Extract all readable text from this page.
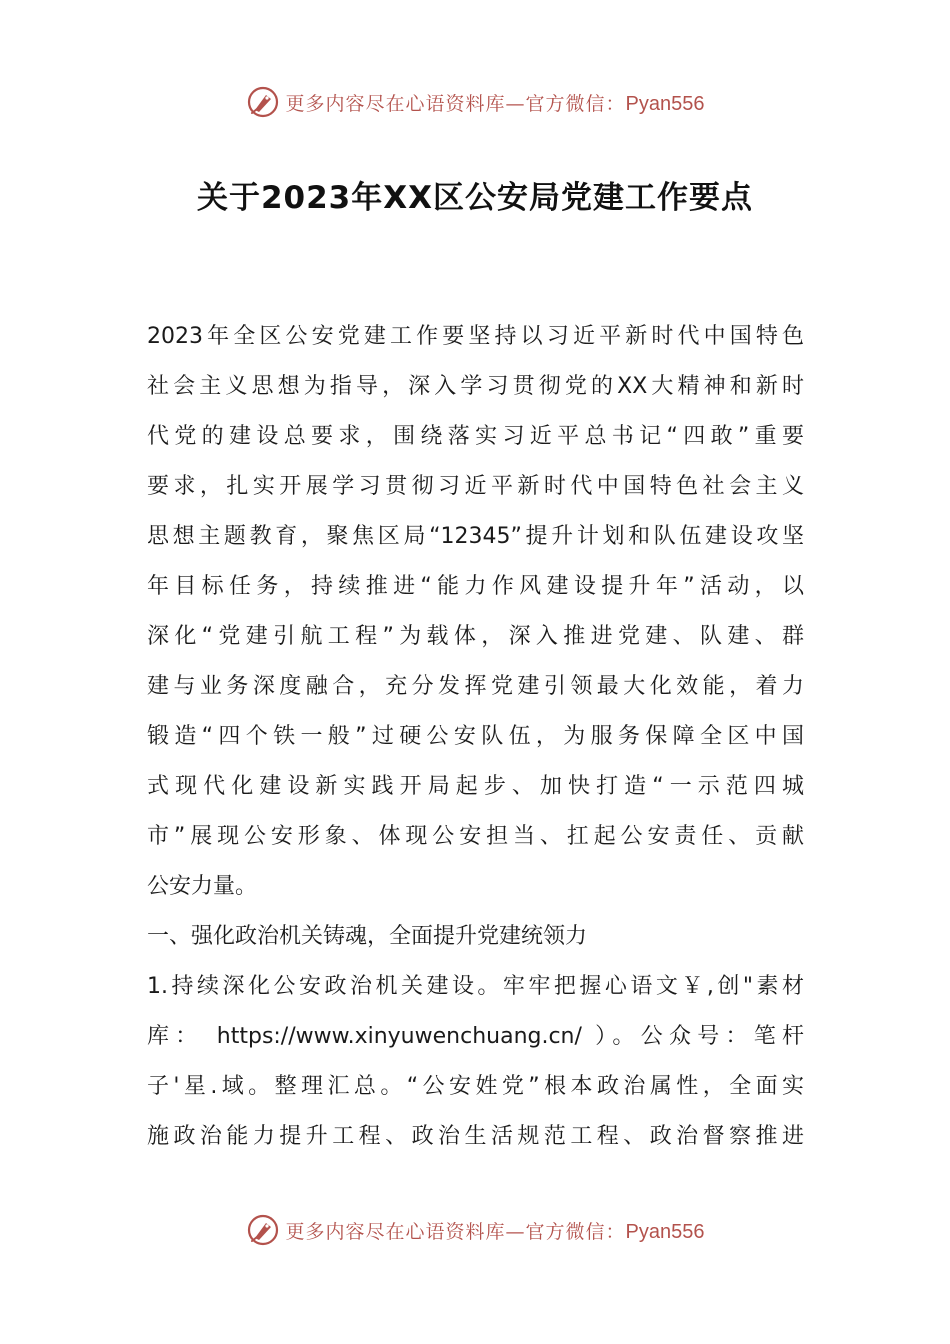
更多内容尽在心语资料库—官方微信：Pyan556
关于2023年XX区公安局党建工作要点
2023年全区公安党建工作要坚持以习近平新时代中国特色
社会主义思想为指导，深入学习贯彻党的XX大精神和新时
代党的建设总要求，围绕落实习近平总书记“四敢”重要
要求，扎实开展学习贯彻习近平新时代中国特色社会主义
思想主题教育，聚焦区局“12345”提升计划和队伍建设攻坚
年目标任务，持续推进“能力作风建设提升年”活动，以
深化“党建引航工程”为载体，深入推进党建、队建、群
建与业务深度融合，充分发挥党建引领最大化效能，着力
锻造“四个铁一般”过硬公安队伍，为服务保障全区中国
式现代化建设新实践开局起步、加快打造“一示范四城
市”展现公安形象、体现公安担当、扛起公安责任、贡献
公安力量。
一、强化政治机关铸魂，全面提升党建统领力
1.持续深化公安政治机关建设。牢牢把握心语文￥,创"素材
库： https://www.xinyuwenchuang.cn/ ）。公众号：笔杆
子'星.域。整理汇总。“公安姓党”根本政治属性，全面实
施政治能力提升工程、政治生活规范工程、政治督察推进
更多内容尽在心语资料库—官方微信：Pyan556
